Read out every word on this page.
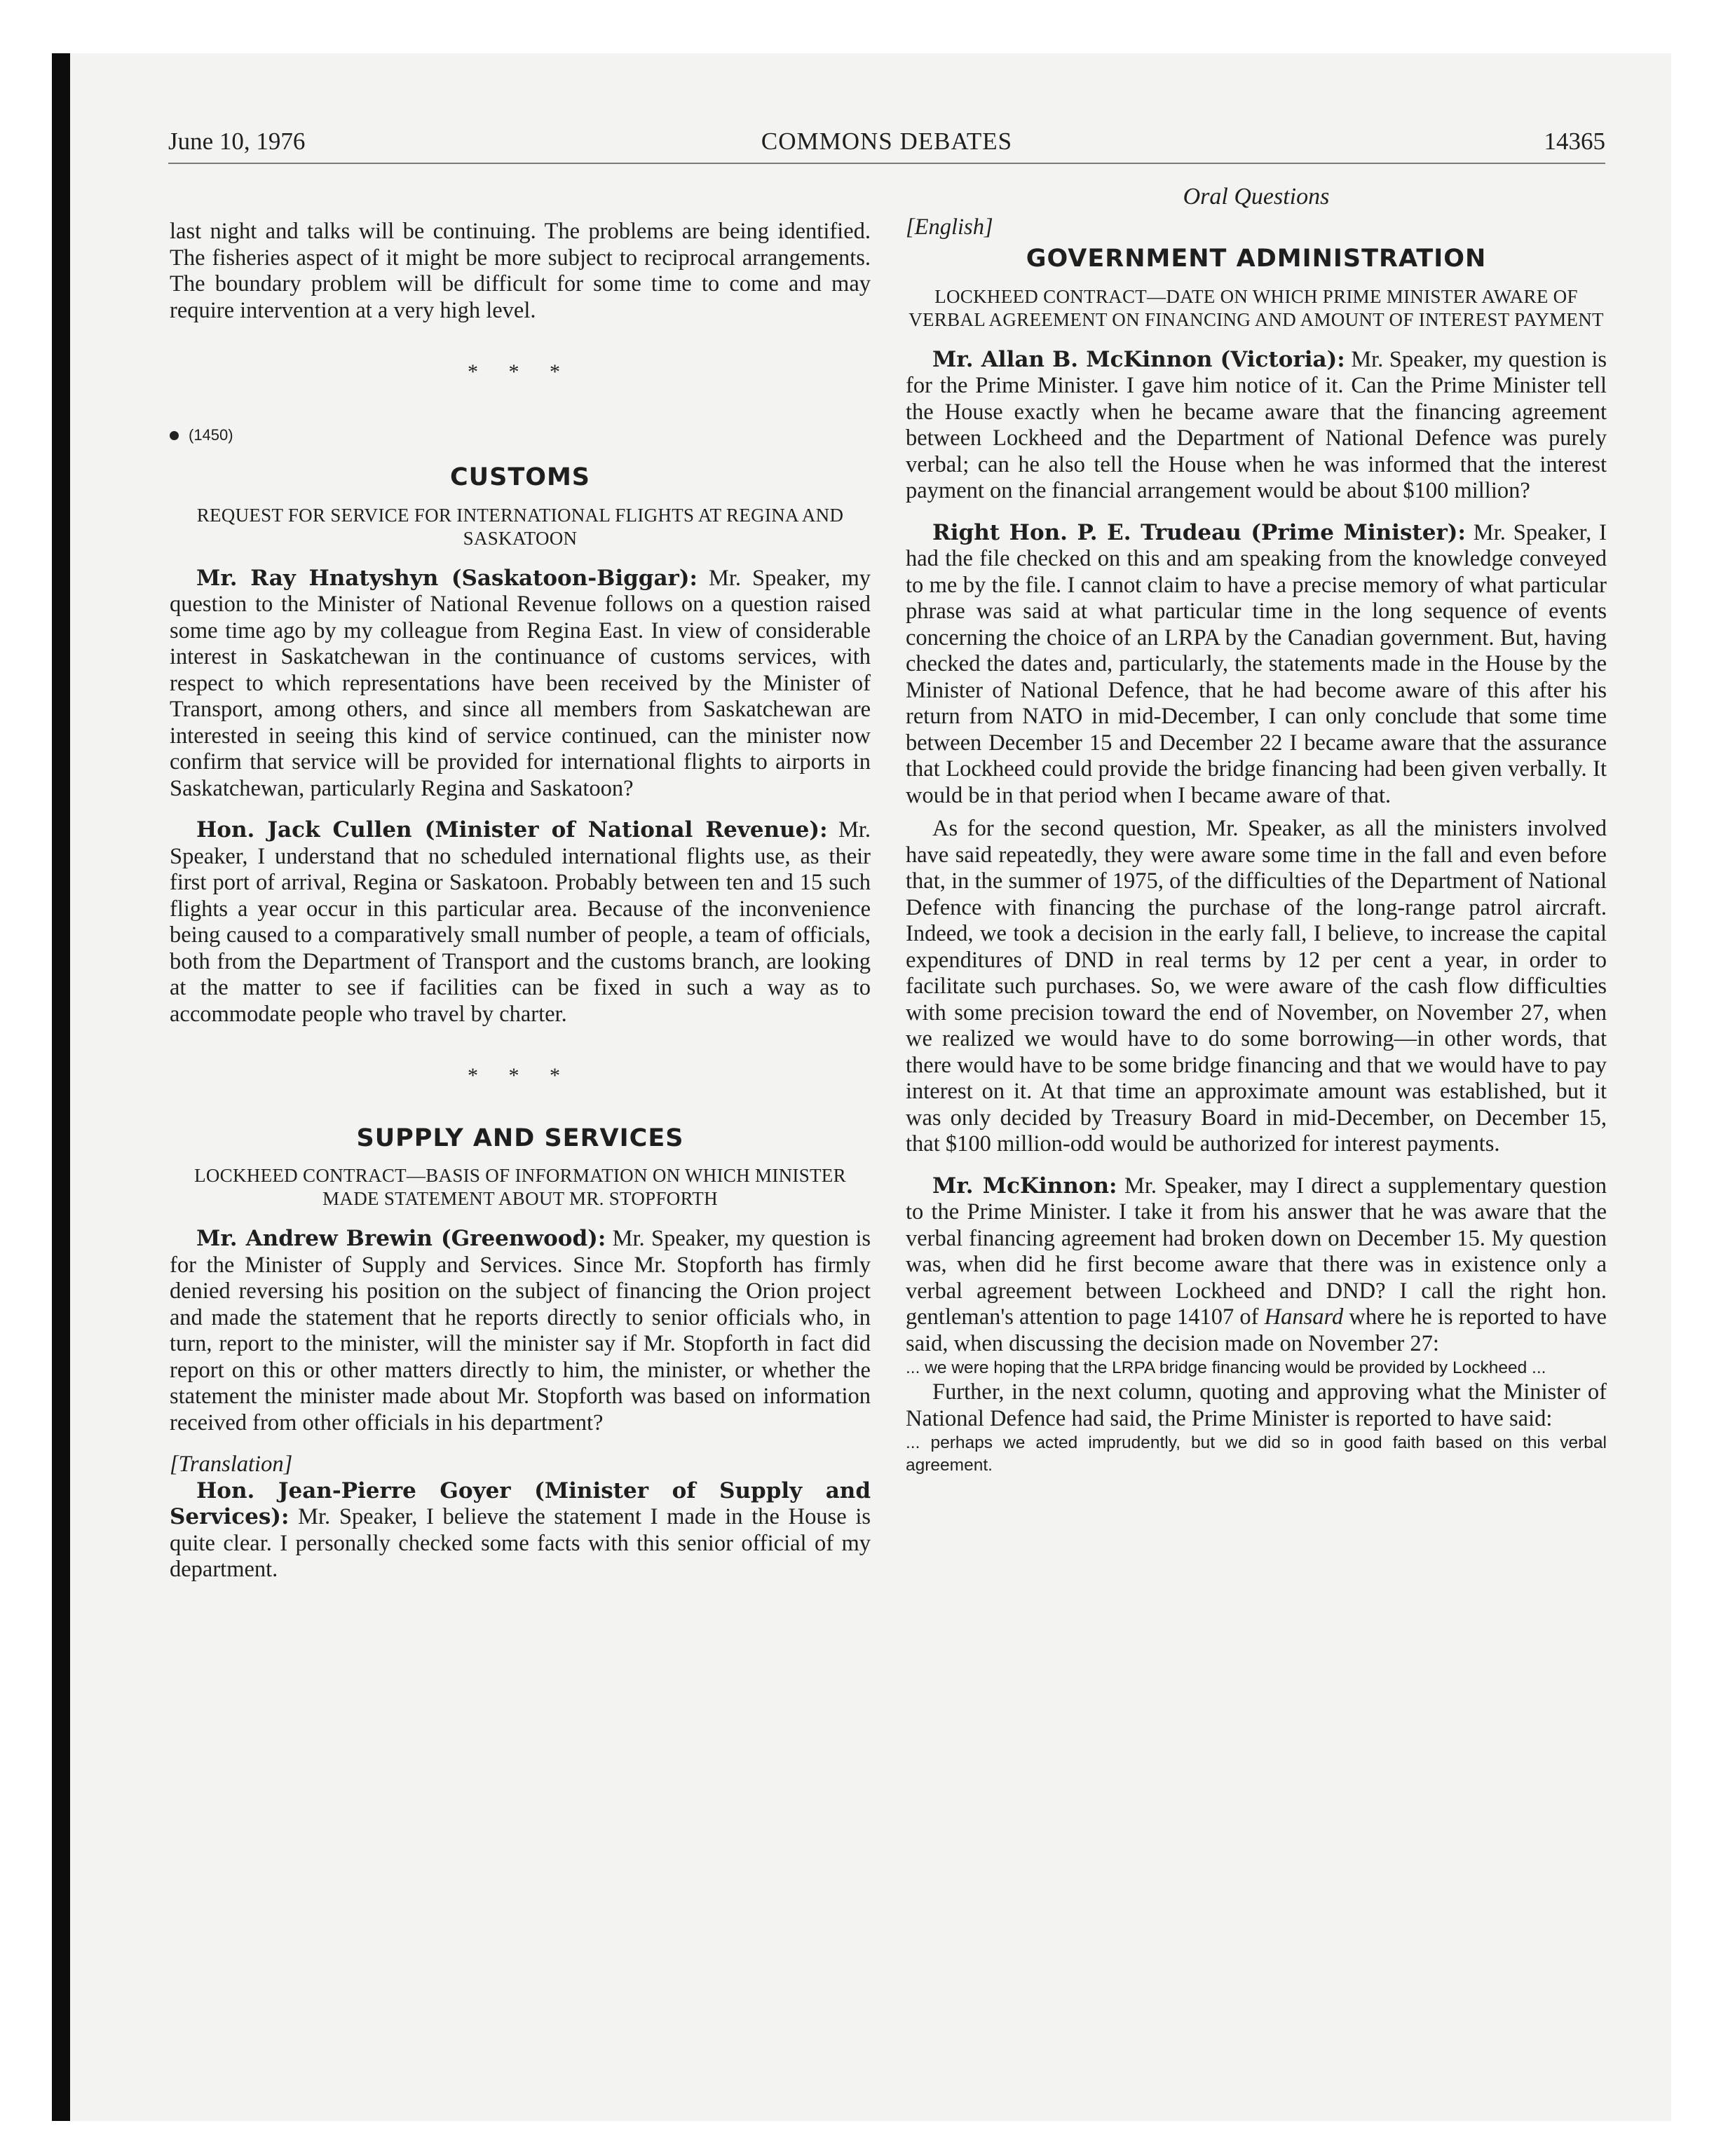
June 10, 1976	COMMONS DEBATES	14365

last night and talks will be continuing. The problems are being identified. The fisheries aspect of it might be more subject to reciprocal arrangements. The boundary problem will be difficult for some time to come and may require intervention at a very high level.

* * *
(1450)
CUSTOMS
REQUEST FOR SERVICE FOR INTERNATIONAL FLIGHTS AT REGINA AND SASKATOON

Mr. Ray Hnatyshyn (Saskatoon-Biggar): Mr. Speaker, my question to the Minister of National Revenue follows on a question raised some time ago by my colleague from Regina East. In view of considerable interest in Saskatchewan in the continuance of customs services, with respect to which representations have been received by the Minister of Transport, among others, and since all members from Saskatchewan are interested in seeing this kind of service continued, can the minister now confirm that service will be provided for international flights to airports in Saskatchewan, particularly Regina and Saskatoon?

Hon. Jack Cullen (Minister of National Revenue): Mr. Speaker, I understand that no scheduled international flights use, as their first port of arrival, Regina or Saskatoon. Probably between ten and 15 such flights a year occur in this particular area. Because of the inconvenience being caused to a comparatively small number of people, a team of officials, both from the Department of Transport and the customs branch, are looking at the matter to see if facilities can be fixed in such a way as to accommodate people who travel by charter.

* * *
SUPPLY AND SERVICES
LOCKHEED CONTRACT—BASIS OF INFORMATION ON WHICH MINISTER MADE STATEMENT ABOUT MR. STOPFORTH

Mr. Andrew Brewin (Greenwood): Mr. Speaker, my question is for the Minister of Supply and Services. Since Mr. Stopforth has firmly denied reversing his position on the subject of financing the Orion project and made the statement that he reports directly to senior officials who, in turn, report to the minister, will the minister say if Mr. Stopforth in fact did report on this or other matters directly to him, the minister, or whether the statement the minister made about Mr. Stopforth was based on information received from other officials in his department?

[Translation]

Hon. Jean-Pierre Goyer (Minister of Supply and Services): Mr. Speaker, I believe the statement I made in the House is quite clear. I personally checked some facts with this senior official of my department.

Oral Questions

[English]

GOVERNMENT ADMINISTRATION
LOCKHEED CONTRACT—DATE ON WHICH PRIME MINISTER AWARE OF VERBAL AGREEMENT ON FINANCING AND AMOUNT OF INTEREST PAYMENT

Mr. Allan B. McKinnon (Victoria): Mr. Speaker, my question is for the Prime Minister. I gave him notice of it. Can the Prime Minister tell the House exactly when he became aware that the financing agreement between Lockheed and the Department of National Defence was purely verbal; can he also tell the House when he was informed that the interest payment on the financial arrangement would be about $100 million?

Right Hon. P. E. Trudeau (Prime Minister): Mr. Speaker, I had the file checked on this and am speaking from the knowledge conveyed to me by the file. I cannot claim to have a precise memory of what particular phrase was said at what particular time in the long sequence of events concerning the choice of an LRPA by the Canadian government. But, having checked the dates and, particularly, the statements made in the House by the Minister of National Defence, that he had become aware of this after his return from NATO in mid-December, I can only conclude that some time between December 15 and December 22 I became aware that the assurance that Lockheed could provide the bridge financing had been given verbally. It would be in that period when I became aware of that.

As for the second question, Mr. Speaker, as all the ministers involved have said repeatedly, they were aware some time in the fall and even before that, in the summer of 1975, of the difficulties of the Department of National Defence with financing the purchase of the long-range patrol aircraft. Indeed, we took a decision in the early fall, I believe, to increase the capital expenditures of DND in real terms by 12 per cent a year, in order to facilitate such purchases. So, we were aware of the cash flow difficulties with some precision toward the end of November, on November 27, when we realized we would have to do some borrowing—in other words, that there would have to be some bridge financing and that we would have to pay interest on it. At that time an approximate amount was established, but it was only decided by Treasury Board in mid-December, on December 15, that $100 million-odd would be authorized for interest payments.

Mr. McKinnon: Mr. Speaker, may I direct a supplementary question to the Prime Minister. I take it from his answer that he was aware that the verbal financing agreement had broken down on December 15. My question was, when did he first become aware that there was in existence only a verbal agreement between Lockheed and DND? I call the right hon. gentleman's attention to page 14107 of Hansard where he is reported to have said, when discussing the decision made on November 27:

... we were hoping that the LRPA bridge financing would be provided by Lockheed ...

Further, in the next column, quoting and approving what the Minister of National Defence had said, the Prime Minister is reported to have said:

... perhaps we acted imprudently, but we did so in good faith based on this verbal agreement.
